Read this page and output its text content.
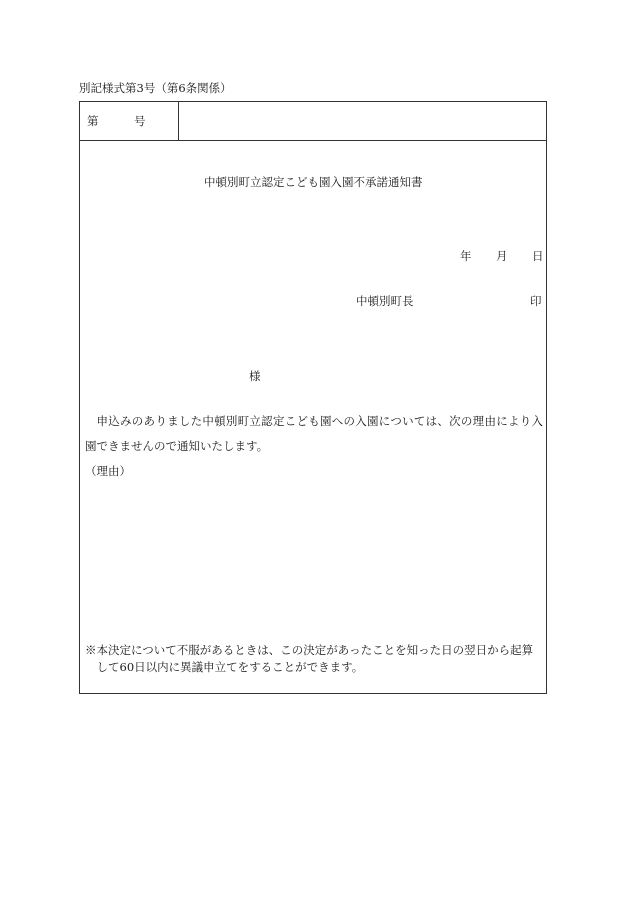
別記様式第3号（第6条関係）
第	号
中頓別町立認定こども園入園不承諾通知書
年 月 日
中頓別町長	印
様
申込みのありました中頓別町立認定こども園への入園については、次の理由により入園できませんので通知いたします。
（理由）
※本決定について不服があるときは、この決定があったことを知った日の翌日から起算して60日以内に異議申立てをすることができます。
